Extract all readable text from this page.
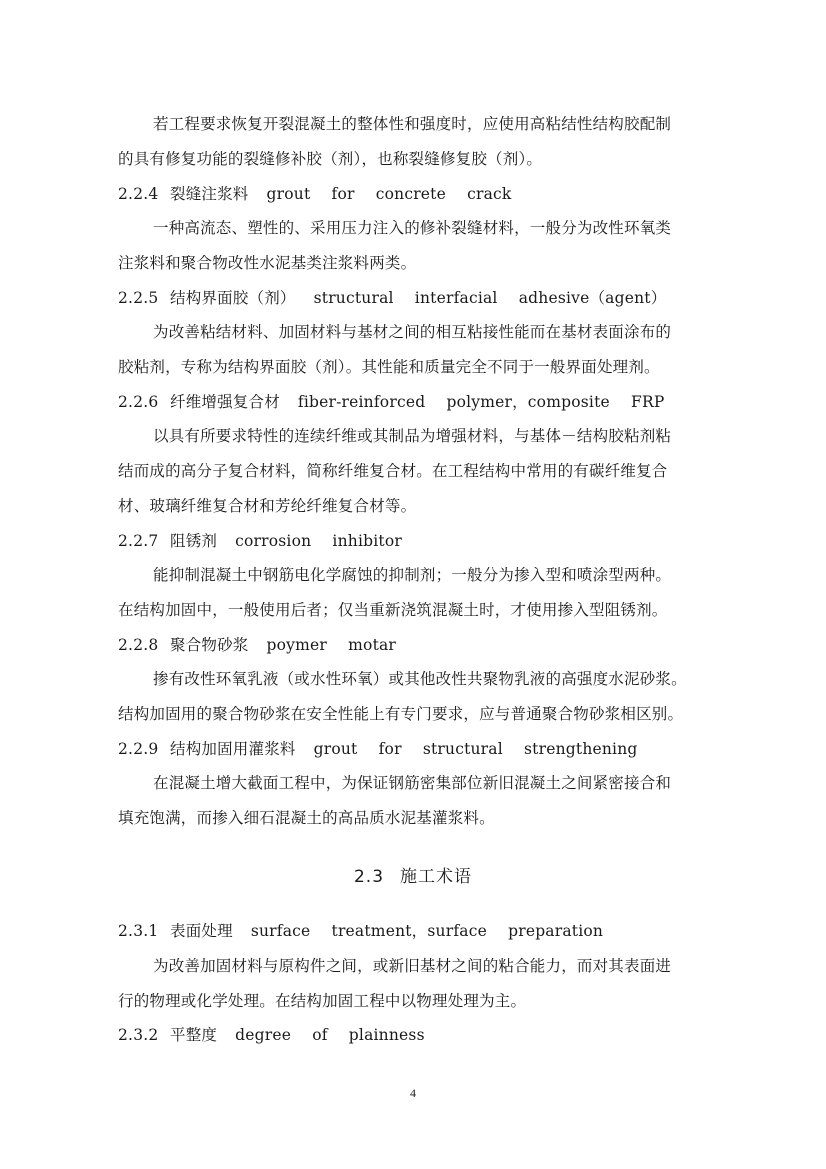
若工程要求恢复开裂混凝土的整体性和强度时，应使用高粘结性结构胶配制
的具有修复功能的裂缝修补胶（剂），也称裂缝修复胶（剂）。
2.2.4 裂缝注浆料 grout for concrete crack
一种高流态、塑性的、采用压力注入的修补裂缝材料，一般分为改性环氧类
注浆料和聚合物改性水泥基类注浆料两类。
2.2.5 结构界面胶（剂） structural interfacial adhesive（agent）
为改善粘结材料、加固材料与基材之间的相互粘接性能而在基材表面涂布的
胶粘剂，专称为结构界面胶（剂）。其性能和质量完全不同于一般界面处理剂。
2.2.6 纤维增强复合材 fiber-reinforced polymer，composite FRP
以具有所要求特性的连续纤维或其制品为增强材料，与基体－结构胶粘剂粘
结而成的高分子复合材料，简称纤维复合材。在工程结构中常用的有碳纤维复合
材、玻璃纤维复合材和芳纶纤维复合材等。
2.2.7 阻锈剂 corrosion inhibitor
能抑制混凝土中钢筋电化学腐蚀的抑制剂；一般分为掺入型和喷涂型两种。
在结构加固中，一般使用后者；仅当重新浇筑混凝土时，才使用掺入型阻锈剂。
2.2.8 聚合物砂浆 poymer motar
掺有改性环氧乳液（或水性环氧）或其他改性共聚物乳液的高强度水泥砂浆。
结构加固用的聚合物砂浆在安全性能上有专门要求，应与普通聚合物砂浆相区别。
2.2.9 结构加固用灌浆料 grout for structural strengthening
在混凝土增大截面工程中，为保证钢筋密集部位新旧混凝土之间紧密接合和
填充饱满，而掺入细石混凝土的高品质水泥基灌浆料。
2.3 施工术语
2.3.1 表面处理 surface treatment，surface preparation
为改善加固材料与原构件之间，或新旧基材之间的粘合能力，而对其表面进
行的物理或化学处理。在结构加固工程中以物理处理为主。
2.3.2 平整度 degree of plainness
4
